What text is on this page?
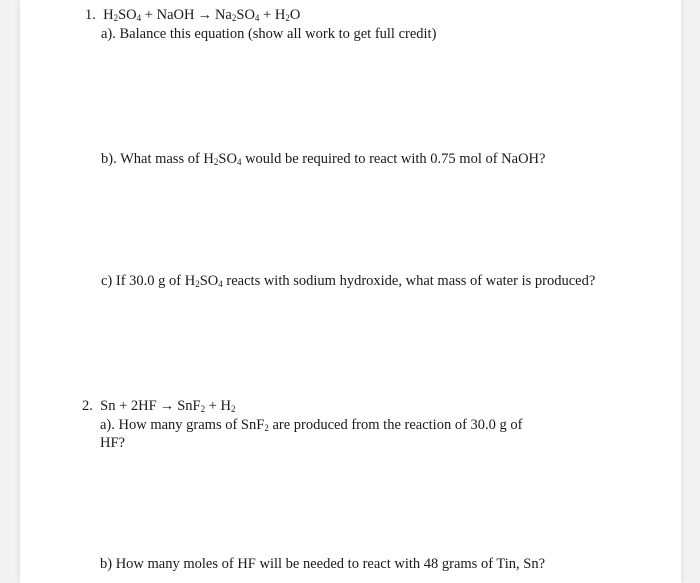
1. $H_2SO_4$ + NaOH → $Na_2SO_4 + H_2O$
a). Balance this equation (show all work to get full credit)
b). What mass of $H_2SO_4$ would be required to react with 0.75 mol of NaOH?
c) If 30.0 g of $H_2SO_4$ reacts with sodium hydroxide, what mass of water is produced?
2. $Sn + 2HF \to SnF_2 + H_2$
a). How many grams of SnF$_2$ are produced from the reaction of 30.0 g of
HF?
b) How many moles of HF will be needed to react with 48 grams of Tin, Sn?
